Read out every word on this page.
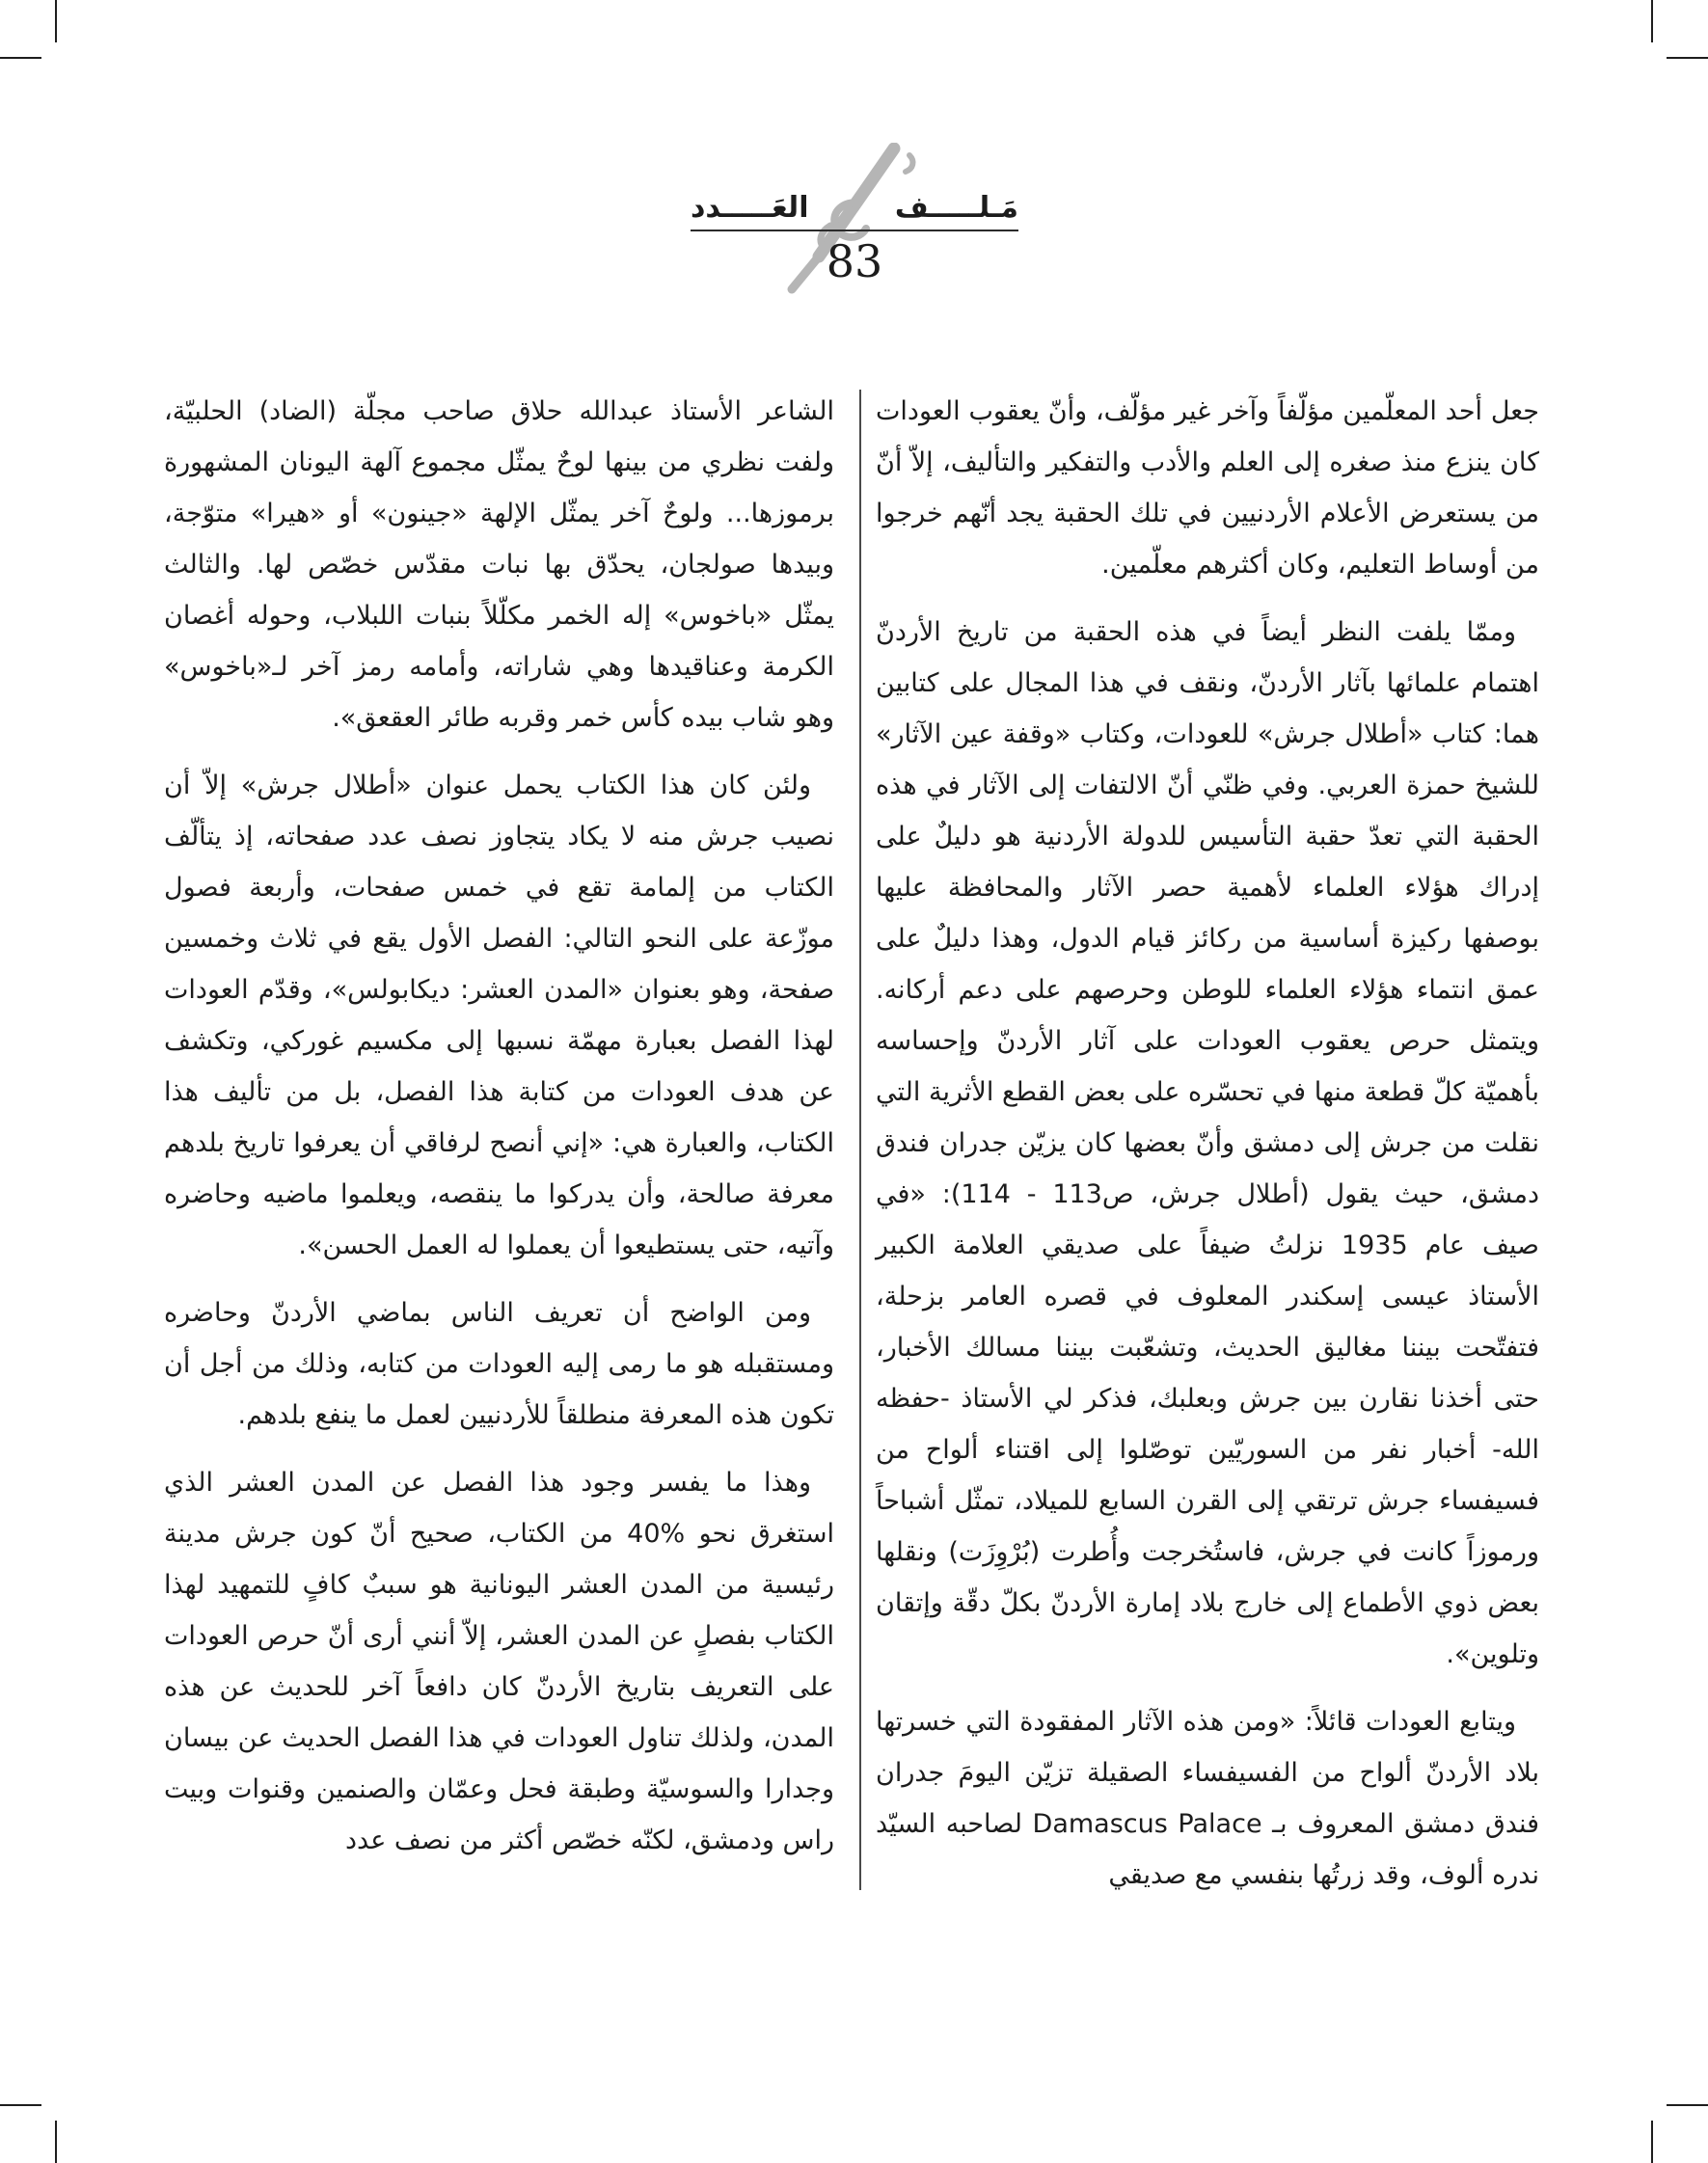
مَـلـــــف
العَـــــدد
83

الشاعر الأستاذ عبدالله حلاق صاحب مجلّة (الضاد) الحلبيّة، ولفت نظري من بينها لوحٌ يمثّل مجموع آلهة اليونان المشهورة برموزها... ولوحٌ آخر يمثّل الإلهة «جينون» أو «هيرا» متوّجة، وبيدها صولجان، يحدّق بها نبات مقدّس خصّص لها. والثالث يمثّل «باخوس» إله الخمر مكلّلاً بنبات اللبلاب، وحوله أغصان الكرمة وعناقيدها وهي شاراته، وأمامه رمز آخر لـ«باخوس» وهو شاب بيده كأس خمر وقربه طائر العقعق».

ولئن كان هذا الكتاب يحمل عنوان «أطلال جرش» إلاّ أن نصيب جرش منه لا يكاد يتجاوز نصف عدد صفحاته، إذ يتألّف الكتاب من إلمامة تقع في خمس صفحات، وأربعة فصول موزّعة على النحو التالي: الفصل الأول يقع في ثلاث وخمسين صفحة، وهو بعنوان «المدن العشر: ديكابولس»، وقدّم العودات لهذا الفصل بعبارة مهمّة نسبها إلى مكسيم غوركي، وتكشف عن هدف العودات من كتابة هذا الفصل، بل من تأليف هذا الكتاب، والعبارة هي: «إني أنصح لرفاقي أن يعرفوا تاريخ بلدهم معرفة صالحة، وأن يدركوا ما ينقصه، ويعلموا ماضيه وحاضره وآتيه، حتى يستطيعوا أن يعملوا له العمل الحسن».

ومن الواضح أن تعريف الناس بماضي الأردنّ وحاضره ومستقبله هو ما رمى إليه العودات من كتابه، وذلك من أجل أن تكون هذه المعرفة منطلقاً للأردنيين لعمل ما ينفع بلدهم.

وهذا ما يفسر وجود هذا الفصل عن المدن العشر الذي استغرق نحو %40 من الكتاب، صحيح أنّ كون جرش مدينة رئيسية من المدن العشر اليونانية هو سببٌ كافٍ للتمهيد لهذا الكتاب بفصلٍ عن المدن العشر، إلاّ أنني أرى أنّ حرص العودات على التعريف بتاريخ الأردنّ كان دافعاً آخر للحديث عن هذه المدن، ولذلك تناول العودات في هذا الفصل الحديث عن بيسان وجدارا والسوسيّة وطبقة فحل وعمّان والصنمين وقنوات وبيت راس ودمشق، لكنّه خصّص أكثر من نصف عدد

جعل أحد المعلّمين مؤلّفاً وآخر غير مؤلّف، وأنّ يعقوب العودات كان ينزع منذ صغره إلى العلم والأدب والتفكير والتأليف، إلاّ أنّ من يستعرض الأعلام الأردنيين في تلك الحقبة يجد أنّهم خرجوا من أوساط التعليم، وكان أكثرهم معلّمين.

وممّا يلفت النظر أيضاً في هذه الحقبة من تاريخ الأردنّ اهتمام علمائها بآثار الأردنّ، ونقف في هذا المجال على كتابين هما: كتاب «أطلال جرش» للعودات، وكتاب «وقفة عين الآثار» للشيخ حمزة العربي. وفي ظنّي أنّ الالتفات إلى الآثار في هذه الحقبة التي تعدّ حقبة التأسيس للدولة الأردنية هو دليلٌ على إدراك هؤلاء العلماء لأهمية حصر الآثار والمحافظة عليها بوصفها ركيزة أساسية من ركائز قيام الدول، وهذا دليلٌ على عمق انتماء هؤلاء العلماء للوطن وحرصهم على دعم أركانه. ويتمثل حرص يعقوب العودات على آثار الأردنّ وإحساسه بأهميّة كلّ قطعة منها في تحسّره على بعض القطع الأثرية التي نقلت من جرش إلى دمشق وأنّ بعضها كان يزيّن جدران فندق دمشق، حيث يقول (أطلال جرش، ص113 - 114): «في صيف عام 1935 نزلتُ ضيفاً على صديقي العلامة الكبير الأستاذ عيسى إسكندر المعلوف في قصره العامر بزحلة، فتفتّحت بيننا مغاليق الحديث، وتشعّبت بيننا مسالك الأخبار، حتى أخذنا نقارن بين جرش وبعلبك، فذكر لي الأستاذ -حفظه الله- أخبار نفر من السوريّين توصّلوا إلى اقتناء ألواح من فسيفساء جرش ترتقي إلى القرن السابع للميلاد، تمثّل أشباحاً ورموزاً كانت في جرش، فاستُخرجت وأُطرت (بُرْوِزَت) ونقلها بعض ذوي الأطماع إلى خارج بلاد إمارة الأردنّ بكلّ دقّة وإتقان وتلوين».

ويتابع العودات قائلاً: «ومن هذه الآثار المفقودة التي خسرتها بلاد الأردنّ ألواح من الفسيفساء الصقيلة تزيّن اليومَ جدران فندق دمشق المعروف بـ Damascus Palace لصاحبه السيّد ندره ألوف، وقد زرتُها بنفسي مع صديقي
